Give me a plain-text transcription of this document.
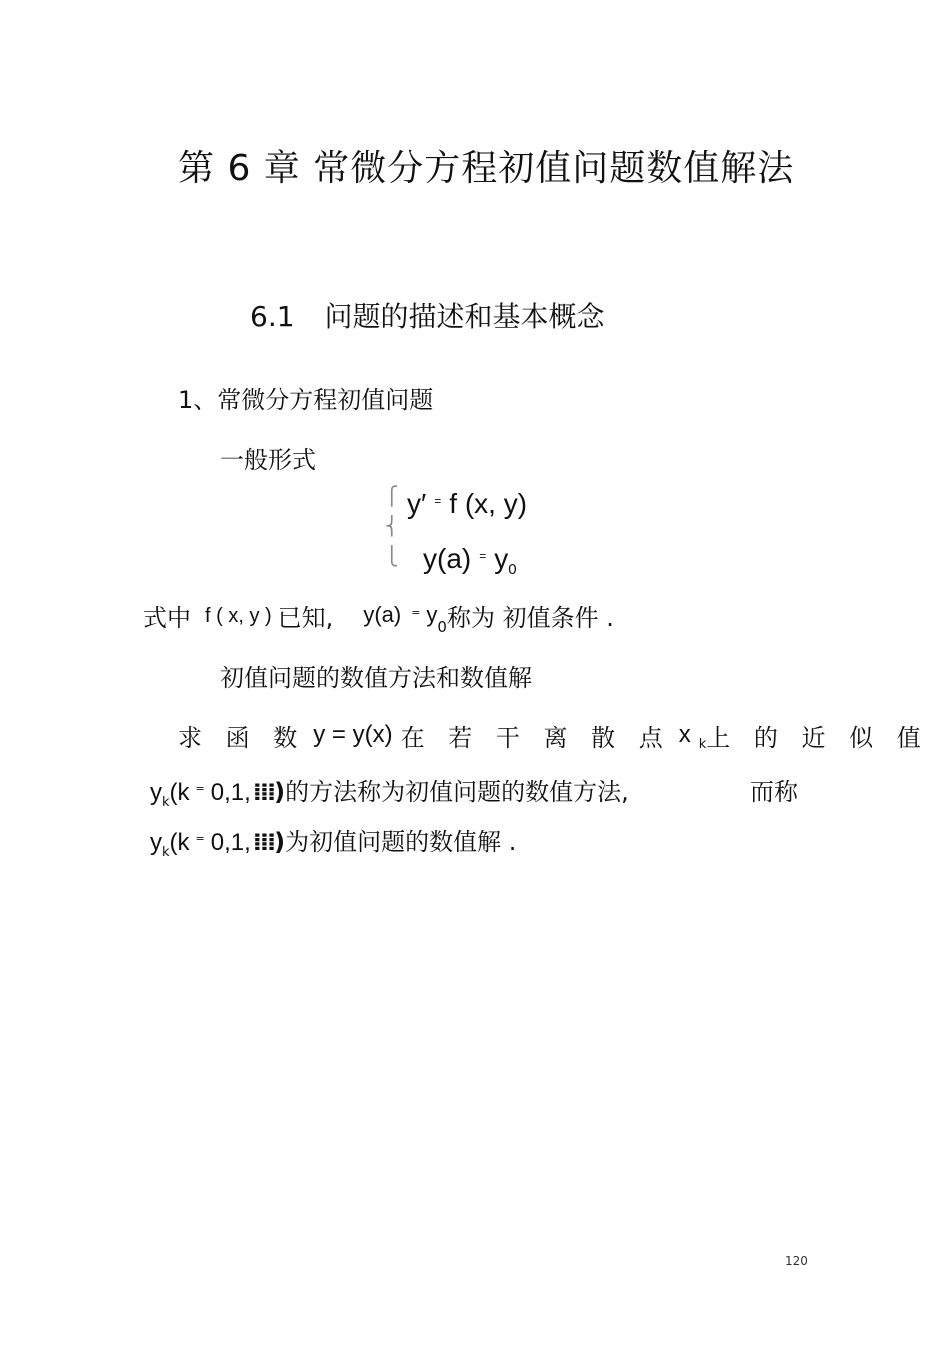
第 6 章 常微分方程初值问题数值解法
6.1 问题的描述和基本概念
1、常微分方程初值问题
一般形式
⎧
⎨
⎩
y′ = f (x, y)
y(a) = $y_0$
式中 f ( x, y ) 已知, y(a) = $y_0$称为 初值条件 .
初值问题的数值方法和数值解
求 函 数 y = y(x) 在 若 干 离 散 点 x k上 的 近 似 值
$y_k(k$ = 0,1,⁞⁞⁞)的方法称为初值问题的数值方法,	而称
$y_k(k$ = 0,1,⁞⁞⁞)为初值问题的数值解 .
120
